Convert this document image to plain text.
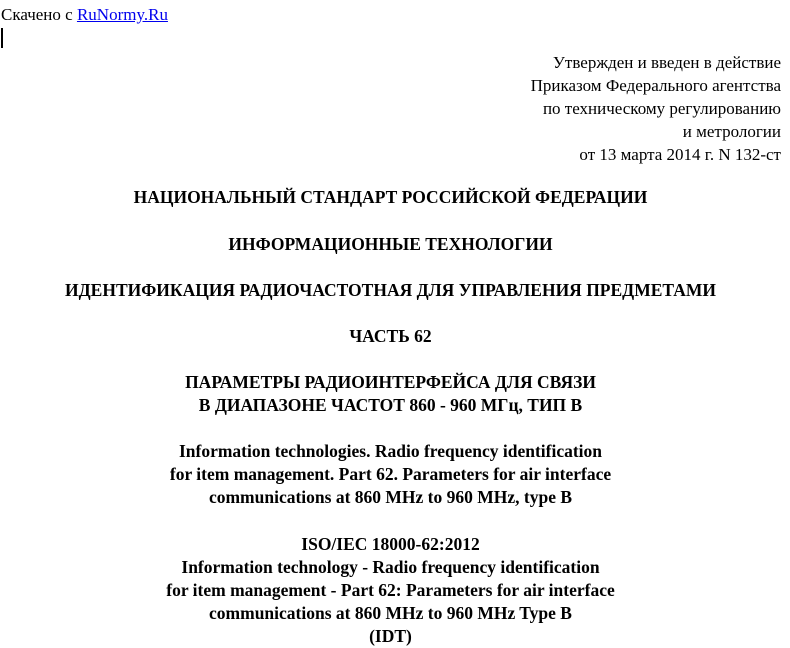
Скачено с RuNormy.Ru
Утвержден и введен в действие
Приказом Федерального агентства
по техническому регулированию
и метрологии
от 13 марта 2014 г. N 132-ст
НАЦИОНАЛЬНЫЙ СТАНДАРТ РОССИЙСКОЙ ФЕДЕРАЦИИ
ИНФОРМАЦИОННЫЕ ТЕХНОЛОГИИ
ИДЕНТИФИКАЦИЯ РАДИОЧАСТОТНАЯ ДЛЯ УПРАВЛЕНИЯ ПРЕДМЕТАМИ
ЧАСТЬ 62
ПАРАМЕТРЫ РАДИОИНТЕРФЕЙСА ДЛЯ СВЯЗИ
В ДИАПАЗОНЕ ЧАСТОТ 860 - 960 МГц, ТИП B
Information technologies. Radio frequency identification
for item management. Part 62. Parameters for air interface
communications at 860 MHz to 960 MHz, type B
ISO/IEC 18000-62:2012
Information technology - Radio frequency identification
for item management - Part 62: Parameters for air interface
communications at 860 MHz to 960 MHz Type B
(IDT)
